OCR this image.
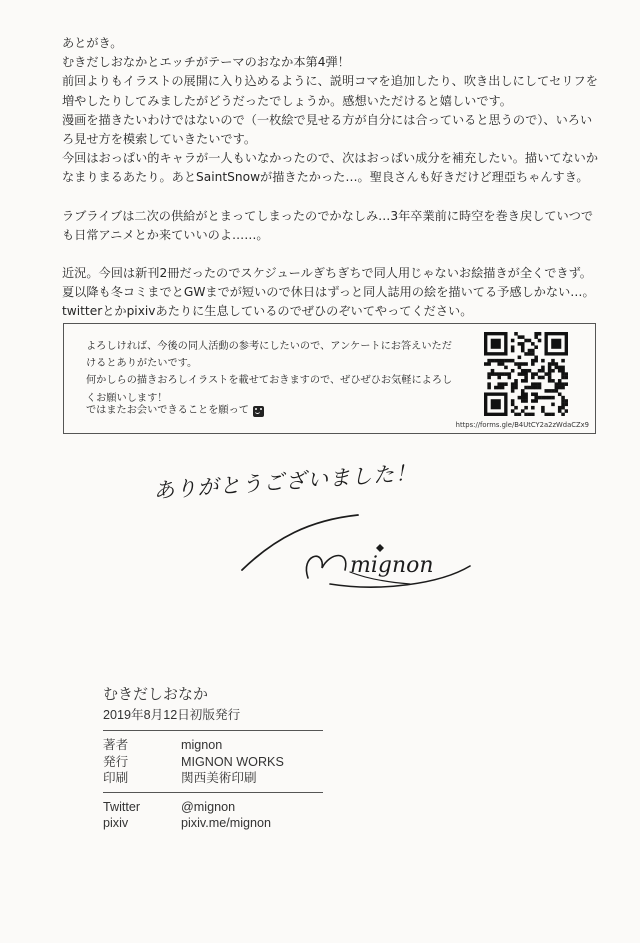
あとがき。
むきだしおなかとエッチがテーマのおなか本第4弾！
前回よりもイラストの展開に入り込めるように、説明コマを追加したり、吹き出しにしてセリフを増やしたりしてみましたがどうだったでしょうか。感想いただけると嬉しいです。
漫画を描きたいわけではないので（一枚絵で見せる方が自分には合っていると思うので）、いろいろ見せ方を模索していきたいです。
今回はおっぱい的キャラが一人もいなかったので、次はおっぱい成分を補充したい。描いてないかなまりまるあたり。あとSaintSnowが描きたかった…。聖良さんも好きだけど理亞ちゃんすき。

ラブライブは二次の供給がとまってしまったのでかなしみ…3年卒業前に時空を巻き戻していつでも日常アニメとか来ていいのよ……。

近況。今回は新刊2冊だったのでスケジュールぎちぎちで同人用じゃないお絵描きが全くできず。夏以降も冬コミまでとGWまでが短いので休日はずっと同人誌用の絵を描いてる予感しかない…。twitterとかpixivあたりに生息しているのでぜひのぞいてやってください。

よろしければ、今後の同人活動の参考にしたいので、アンケートにお答えいただけるとありがたいです。
何かしらの描きおろしイラストを載せておきますので、ぜひぜひお気軽によろしくお願いします！
ではまたお会いできることを願って
https://forms.gle/B4UtCY2a2zWdaCZx9
ありがとうございました！
mignon
むきだしおなか
2019年8月12日初版発行
著者	mignon
発行	MIGNON WORKS
印刷	関西美術印刷
Twitter	@mignon
pixiv	pixiv.me/mignon
